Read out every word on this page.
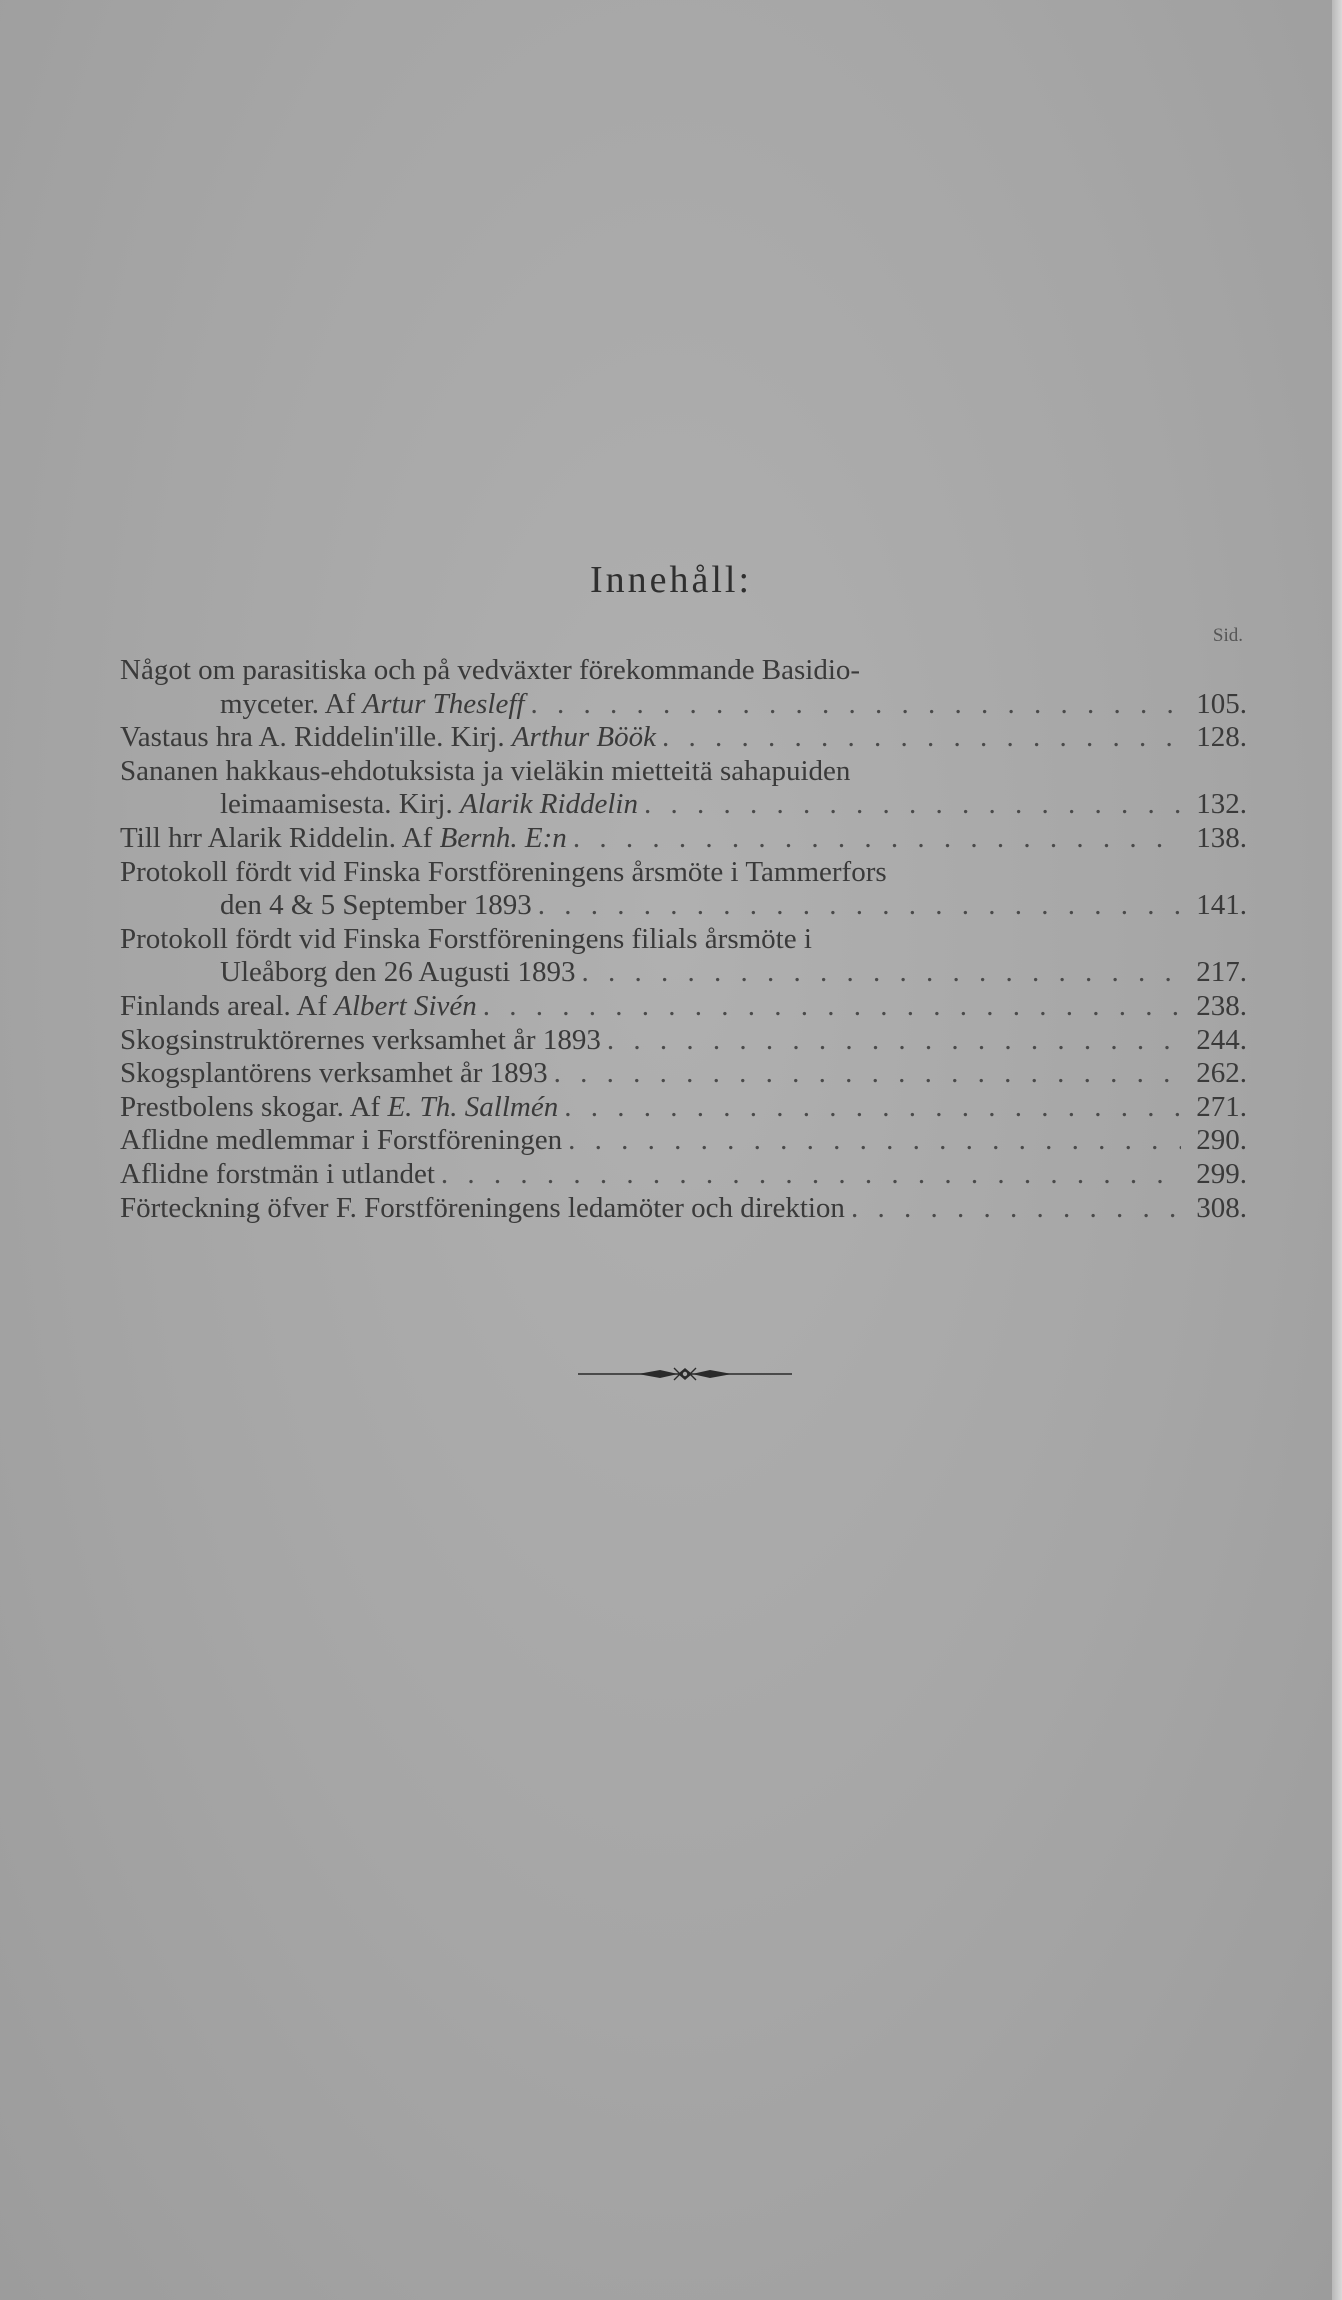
Innehåll:
Sid.
Något om parasitiska och på vedväxter förekommande Basidio-
myceter. Af Artur Thesleff . . .	105.
Vastaus hra A. Riddelin'ille. Kirj. Arthur Böök . . .	128.
Sananen hakkaus-ehdotuksista ja vieläkin mietteitä sahapuiden
leimaamisesta. Kirj. Alarik Riddelin . . .	132.
Till hrr Alarik Riddelin. Af Bernh. E:n . . .	138.
Protokoll fördt vid Finska Forstföreningens årsmöte i Tammerfors
den 4 & 5 September 1893 . . .	141.
Protokoll fördt vid Finska Forstföreningens filials årsmöte i
Uleåborg den 26 Augusti 1893 . . .	217.
Finlands areal. Af Albert Sivén . . .	238.
Skogsinstruktörernes verksamhet år 1893 . . .	244.
Skogsplantörens verksamhet år 1893 . . .	262.
Prestbolens skogar. Af E. Th. Sallmén . . .	271.
Aflidne medlemmar i Forstföreningen . . .	290.
Aflidne forstmän i utlandet . . .	299.
Förteckning öfver F. Forstföreningens ledamöter och direktion . . .	308.
